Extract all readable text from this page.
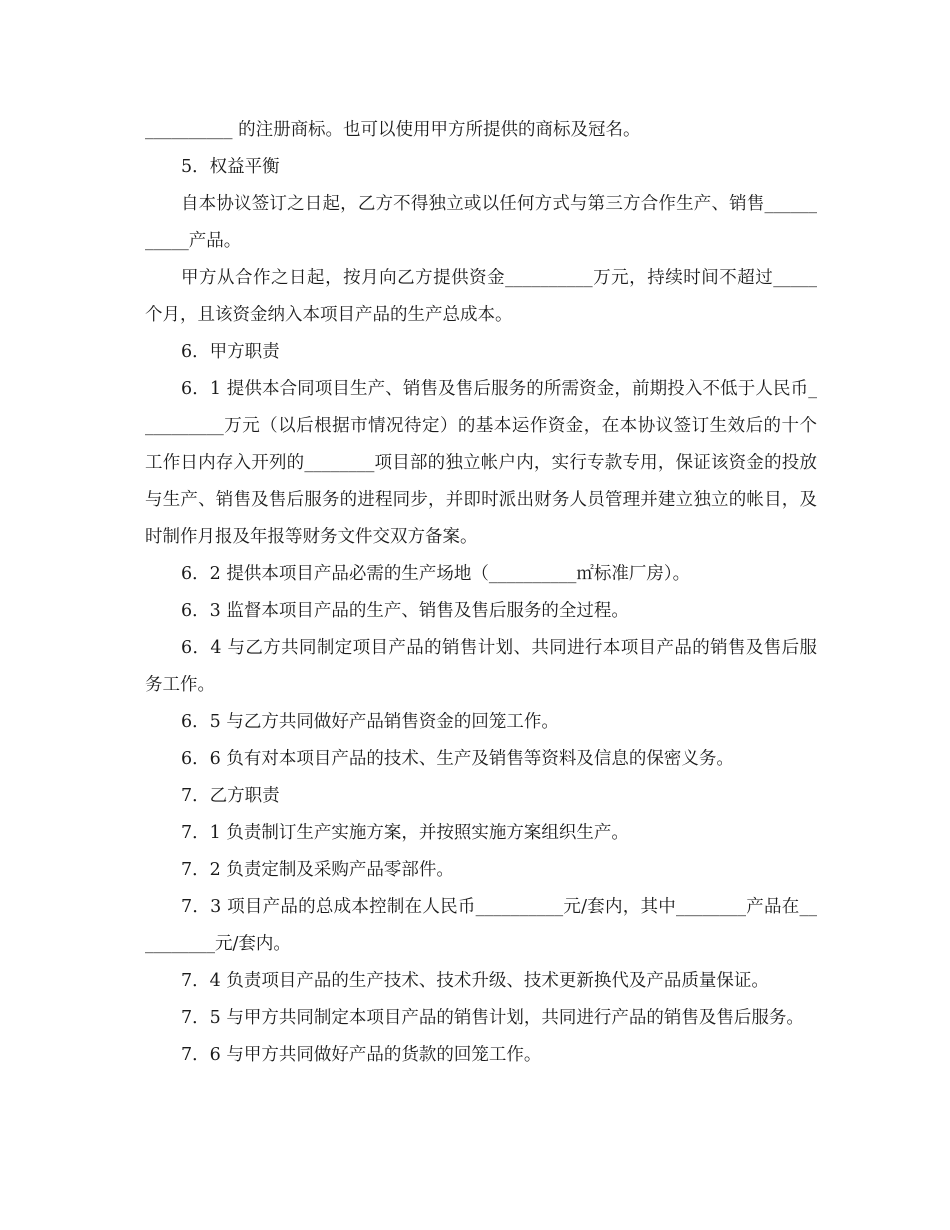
__________ 的注册商标。也可以使用甲方所提供的商标及冠名。

5．权益平衡

自本协议签订之日起，乙方不得独立或以任何方式与第三方合作生产、销售___________产品。

甲方从合作之日起，按月向乙方提供资金__________万元，持续时间不超过_____个月，且该资金纳入本项目产品的生产总成本。

6．甲方职责

6．1 提供本合同项目生产、销售及售后服务的所需资金，前期投入不低于人民币__________万元（以后根据市情况待定）的基本运作资金，在本协议签订生效后的十个工作日内存入开列的________项目部的独立帐户内，实行专款专用，保证该资金的投放与生产、销售及售后服务的进程同步，并即时派出财务人员管理并建立独立的帐目，及时制作月报及年报等财务文件交双方备案。

6．2 提供本项目产品必需的生产场地（__________㎡标准厂房）。

6．3 监督本项目产品的生产、销售及售后服务的全过程。

6．4 与乙方共同制定项目产品的销售计划、共同进行本项目产品的销售及售后服务工作。

6．5 与乙方共同做好产品销售资金的回笼工作。

6．6 负有对本项目产品的技术、生产及销售等资料及信息的保密义务。

7．乙方职责

7．1 负责制订生产实施方案，并按照实施方案组织生产。

7．2 负责定制及采购产品零部件。

7．3 项目产品的总成本控制在人民币__________元/套内，其中________产品在__________元/套内。

7．4 负责项目产品的生产技术、技术升级、技术更新换代及产品质量保证。

7．5 与甲方共同制定本项目产品的销售计划，共同进行产品的销售及售后服务。

7．6 与甲方共同做好产品的货款的回笼工作。
